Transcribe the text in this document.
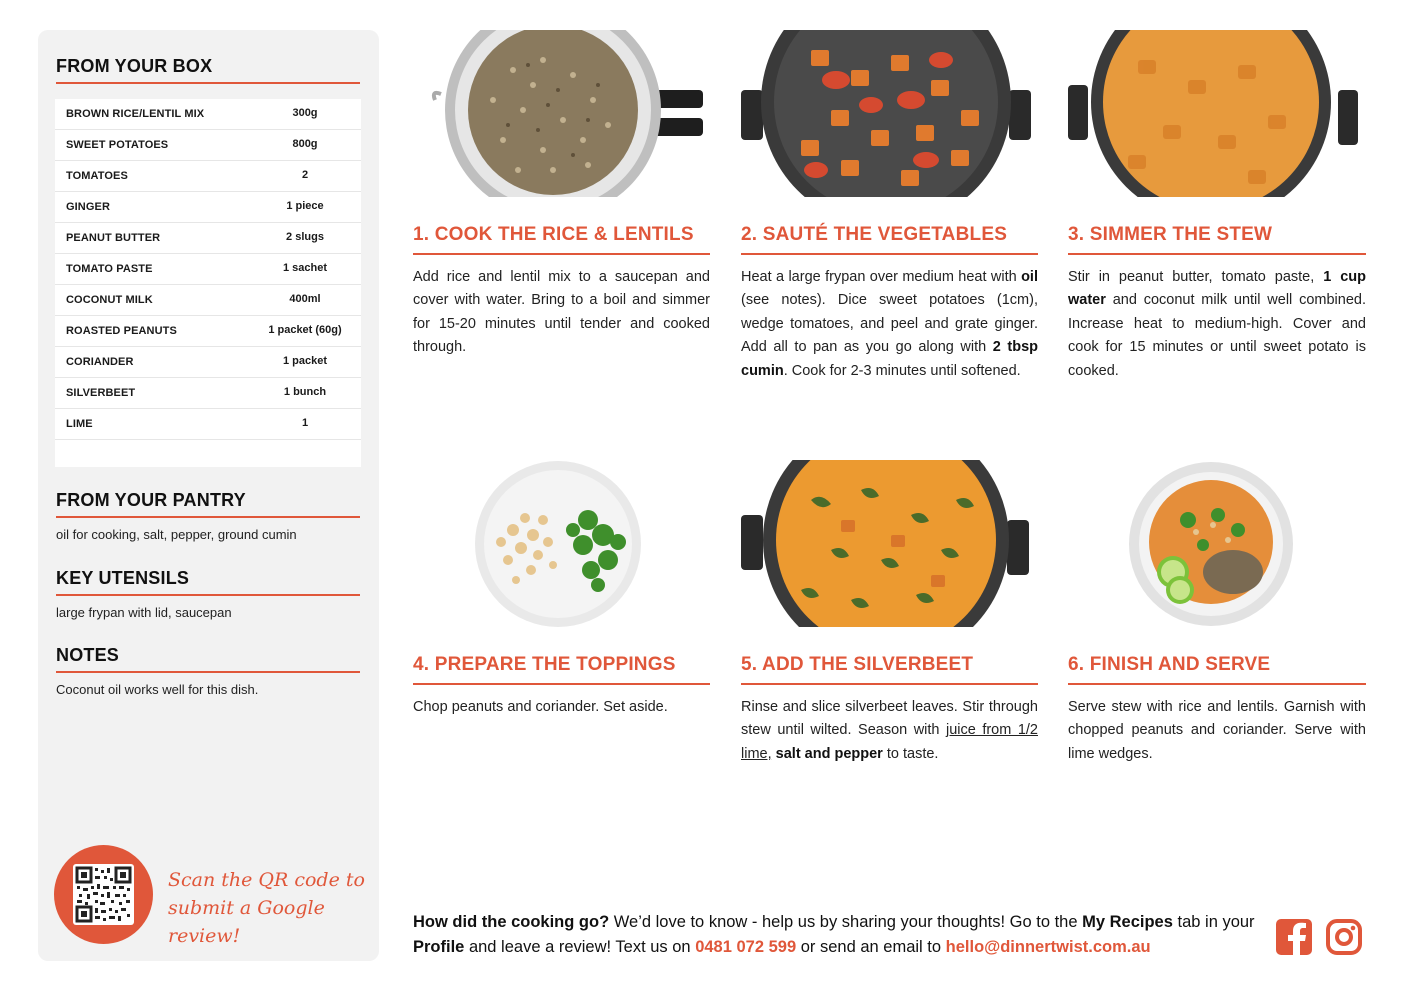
FROM YOUR BOX
BROWN RICE/LENTIL MIX	300g
SWEET POTATOES	800g
TOMATOES	2
GINGER	1 piece
PEANUT BUTTER	2 slugs
TOMATO PASTE	1 sachet
COCONUT MILK	400ml
ROASTED PEANUTS	1 packet (60g)
CORIANDER	1 packet
SILVERBEET	1 bunch
LIME	1
FROM YOUR PANTRY
oil for cooking, salt, pepper, ground cumin
KEY UTENSILS
large frypan with lid, saucepan
NOTES
Coconut oil works well for this dish.
Scan the QR code to
submit a Google review!
1. COOK THE RICE & LENTILS 2. SAUTÉ THE VEGETABLES	3. SIMMER THE STEW
4. PREPARE THE TOPPINGS	5. ADD THE SILVERBEET	6. FINISH AND SERVE
Add rice and lentil mix to a saucepan and cover with water. Bring to a boil and simmer for 15-20 minutes until tender and cooked through.
Heat a large frypan over medium heat with oil (see notes). Dice sweet potatoes (1cm), wedge tomatoes, and peel and grate ginger. Add all to pan as you go along with 2 tbsp cumin. Cook for 2-3 minutes until softened.
Stir in peanut butter, tomato paste, 1 cup water and coconut milk until well combined. Increase heat to medium-high. Cover and cook for 15 minutes or until sweet potato is cooked.
Chop peanuts and coriander. Set aside.	Rinse and slice silverbeet leaves. Stir through stew until wilted. Season with juice from 1/2 lime, salt and pepper to taste.
Serve stew with rice and lentils. Garnish with chopped peanuts and coriander. Serve with lime wedges.
How did the cooking go? We’d love to know - help us by sharing your thoughts! Go to the My Recipes tab in your Profile and leave a review! Text us on 0481 072 599 or send an email to hello@dinnertwist.com.au
